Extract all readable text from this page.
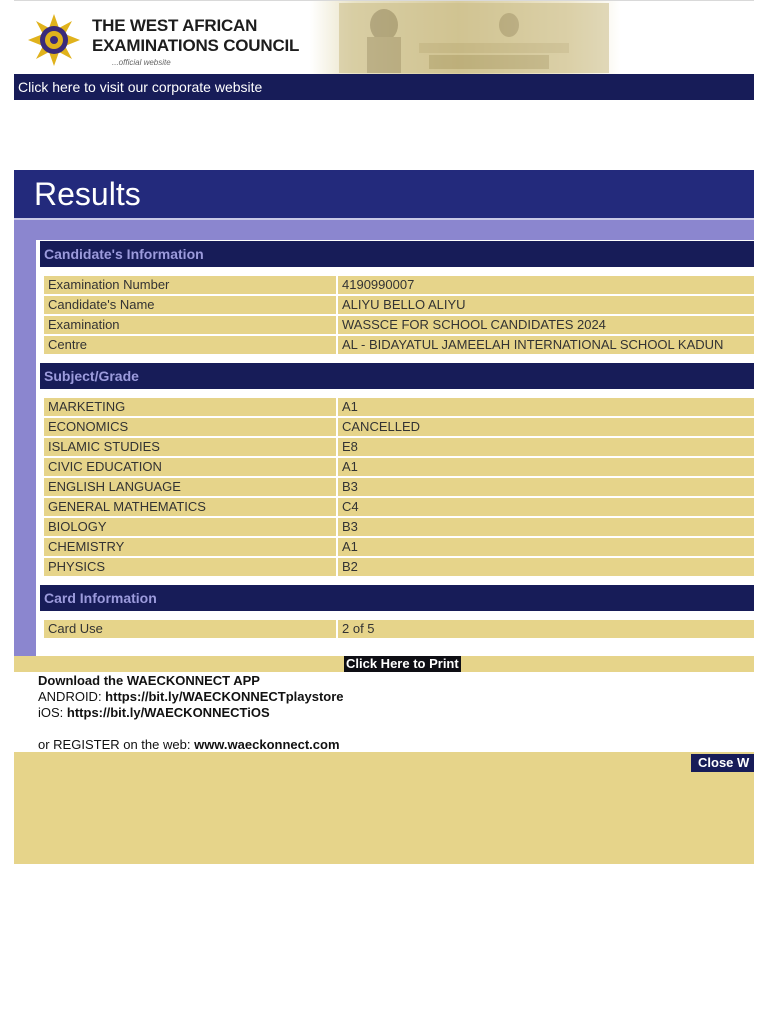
THE WEST AFRICAN
EXAMINATIONS COUNCIL
...official website
Click here to visit our corporate website
Results
Candidate's Information
Examination Number	4190990007
Candidate's Name	ALIYU BELLO ALIYU
Examination	WASSCE FOR SCHOOL CANDIDATES 2024
Centre	AL - BIDAYATUL JAMEELAH INTERNATIONAL SCHOOL KADUN
Subject/Grade
MARKETING	A1
ECONOMICS	CANCELLED
ISLAMIC STUDIES	E8
CIVIC EDUCATION	A1
ENGLISH LANGUAGE	B3
GENERAL MATHEMATICS	C4
BIOLOGY	B3
CHEMISTRY	A1
PHYSICS	B2
Card Information
Card Use	2 of 5
Click Here to Print
Download the WAECKONNECT APP
ANDROID: https://bit.ly/WAECKONNECTplaystore
iOS: https://bit.ly/WAECKONNECTiOS
or REGISTER on the web: www.waeckonnect.com
Close W
